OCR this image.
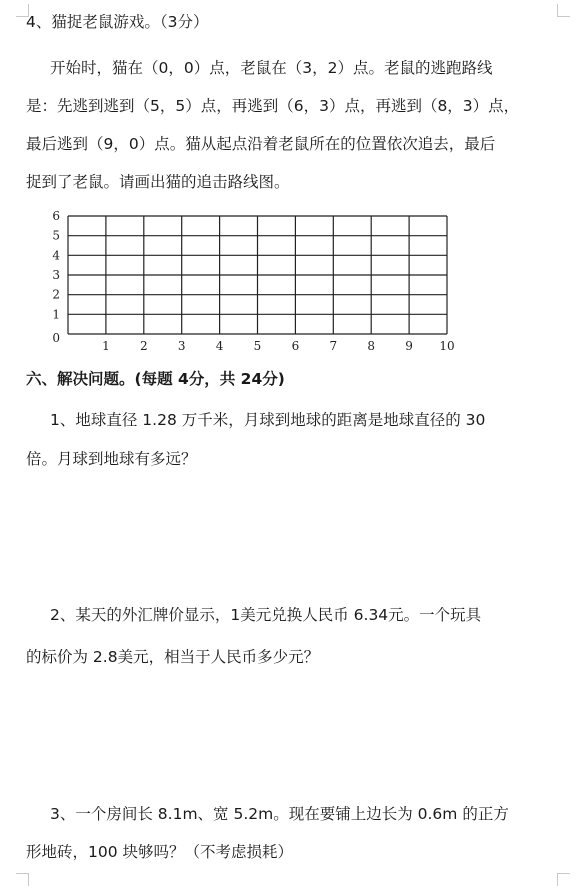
4、猫捉老鼠游戏。（3分）
开始时，猫在（0，0）点，老鼠在（3，2）点。老鼠的逃跑路线
是：先逃到逃到（5，5）点，再逃到（6，3）点，再逃到（8，3）点，
最后逃到（9，0）点。猫从起点沿着老鼠所在的位置依次追去，最后
捉到了老鼠。请画出猫的追击路线图。
1	2	3	4	5	6	7	8	9 10
0
1
2
3
4
5
6
六、解决问题。(每题 4分，共 24分)
1、地球直径 1.28 万千米，月球到地球的距离是地球直径的 30
倍。月球到地球有多远？
2、某天的外汇牌价显示，1美元兑换人民币 6.34元。一个玩具
的标价为 2.8美元，相当于人民币多少元？
3、一个房间长 8.1m、宽 5.2m。现在要铺上边长为 0.6m 的正方
形地砖，100 块够吗？（不考虑损耗）
